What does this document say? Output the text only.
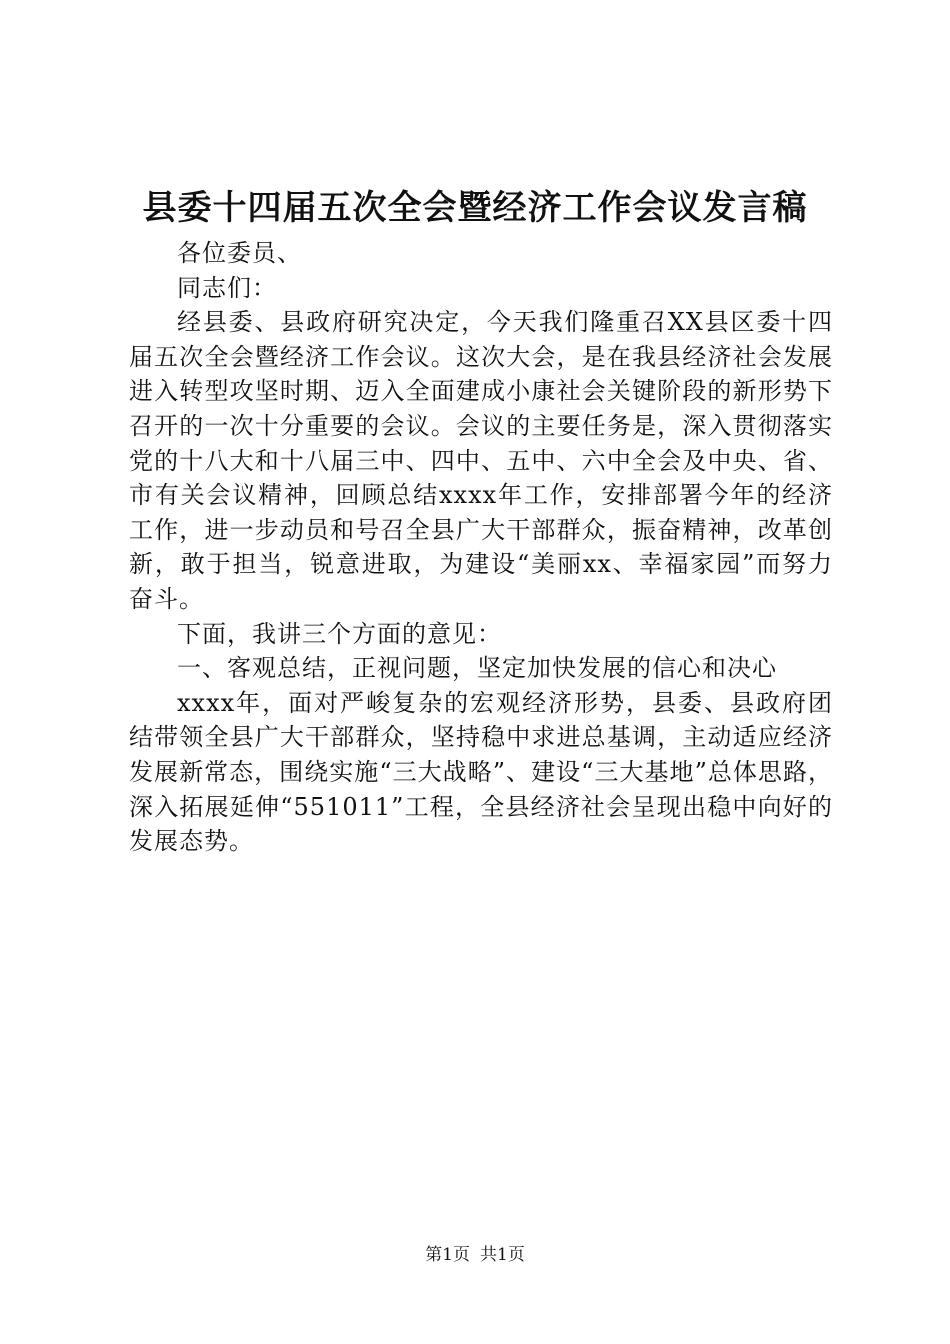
县委十四届五次全会暨经济工作会议发言稿

各位委员、

同志们：

经县委、县政府研究决定，今天我们隆重召XX县区委十四届五次全会暨经济工作会议。这次大会，是在我县经济社会发展进入转型攻坚时期、迈入全面建成小康社会关键阶段的新形势下召开的一次十分重要的会议。会议的主要任务是，深入贯彻落实党的十八大和十八届三中、四中、五中、六中全会及中央、省、市有关会议精神，回顾总结xxxx年工作，安排部署今年的经济工作，进一步动员和号召全县广大干部群众，振奋精神，改革创新，敢于担当，锐意进取，为建设“美丽xx、幸福家园”而努力奋斗。

下面，我讲三个方面的意见：

一、客观总结，正视问题，坚定加快发展的信心和决心

xxxx年，面对严峻复杂的宏观经济形势，县委、县政府团结带领全县广大干部群众，坚持稳中求进总基调，主动适应经济发展新常态，围绕实施“三大战略”、建设“三大基地”总体思路，深入拓展延伸“551011”工程，全县经济社会呈现出稳中向好的发展态势。

第1页 共1页
